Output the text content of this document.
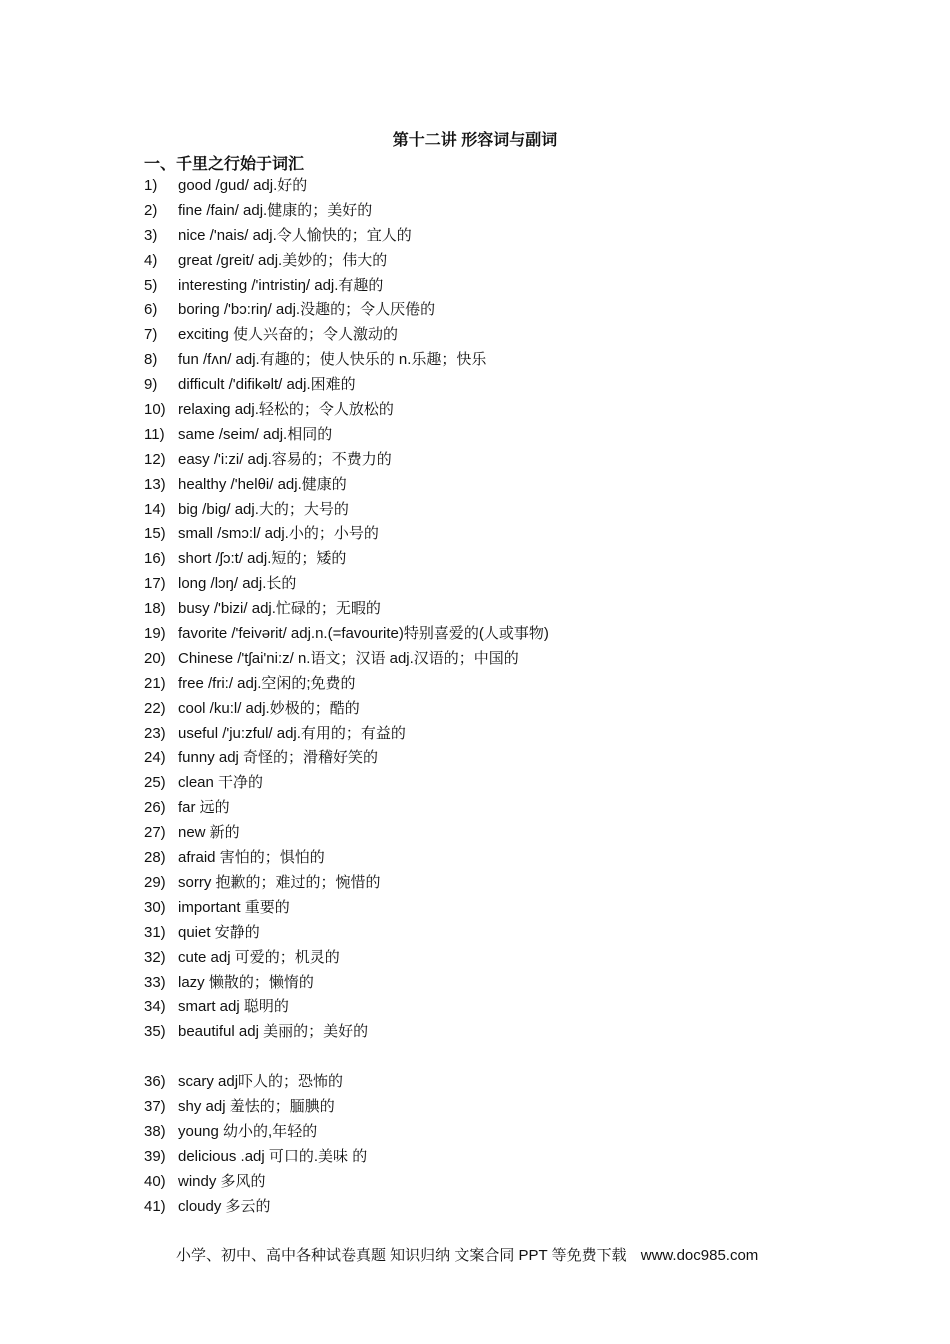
第十二讲 形容词与副词
一、千里之行始于词汇
1) good /gud/ adj.好的
2) fine /fain/ adj.健康的；美好的
3) nice /'nais/ adj.令人愉快的；宜人的
4) great /greit/ adj.美妙的；伟大的
5) interesting /'intristiŋ/ adj.有趣的
6) boring /'bɔ:riŋ/ adj.没趣的；令人厌倦的
7) exciting 使人兴奋的；令人激动的
8) fun /fʌn/ adj.有趣的；使人快乐的 n.乐趣；快乐
9) difficult /'difikəlt/ adj.困难的
10) relaxing adj.轻松的；令人放松的
11) same /seim/ adj.相同的
12) easy /'i:zi/ adj.容易的；不费力的
13) healthy /'helθi/ adj.健康的
14) big /big/ adj.大的；大号的
15) small /smɔ:l/ adj.小的；小号的
16) short /ʃɔ:t/ adj.短的；矮的
17) long /lɔŋ/ adj.长的
18) busy /'bizi/ adj.忙碌的；无暇的
19) favorite /'feivərit/ adj.n.(=favourite)特别喜爱的(人或事物)
20) Chinese /'tʃai'ni:z/ n.语文；汉语 adj.汉语的；中国的
21) free /fri:/ adj.空闲的;免费的
22) cool /ku:l/ adj.妙极的；酷的
23) useful /'ju:zful/ adj.有用的；有益的
24) funny adj 奇怪的；滑稽好笑的
25) clean 干净的
26) far 远的
27) new 新的
28) afraid 害怕的；惧怕的
29) sorry 抱歉的；难过的；惋惜的
30) important 重要的
31) quiet 安静的
32) cute adj 可爱的；机灵的
33) lazy 懒散的；懒惰的
34) smart adj 聪明的
35) beautiful adj 美丽的；美好的
36) scary adj吓人的；恐怖的
37) shy adj 羞怯的；腼腆的
38) young 幼小的,年轻的
39) delicious .adj 可口的.美味 的
40) windy 多风的
41) cloudy 多云的
小学、初中、高中各种试卷真题 知识归纳 文案合同 PPT 等免费下载 www.doc985.com
